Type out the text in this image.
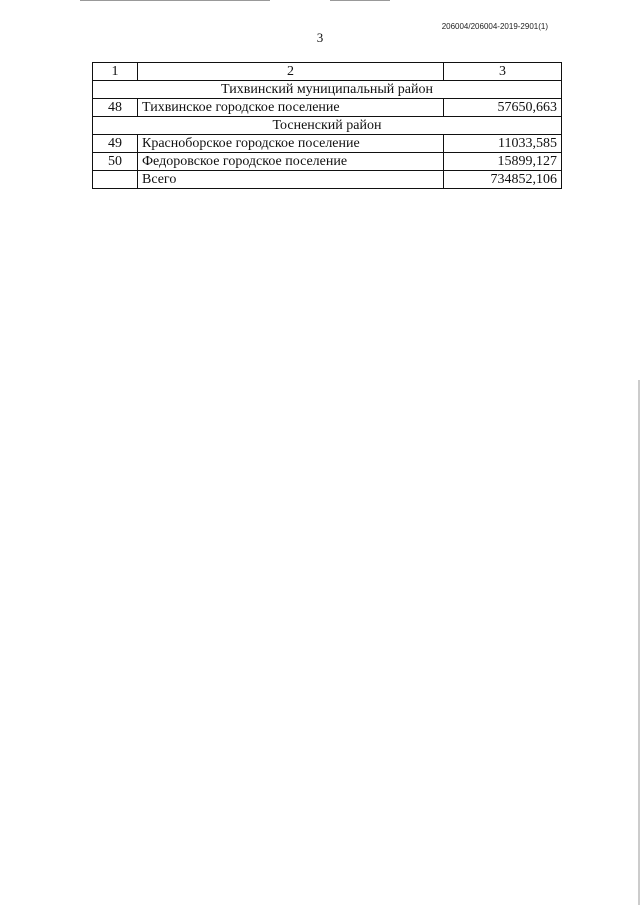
206004/206004-2019-2901(1)
3
1	2	3
Тихвинский муниципальный район		
48	Тихвинское городское поселение	57650,663
Тосненский район		
49	Красноборское городское поселение	11033,585
50	Федоровское городское поселение	15899,127
	Всего	734852,106
